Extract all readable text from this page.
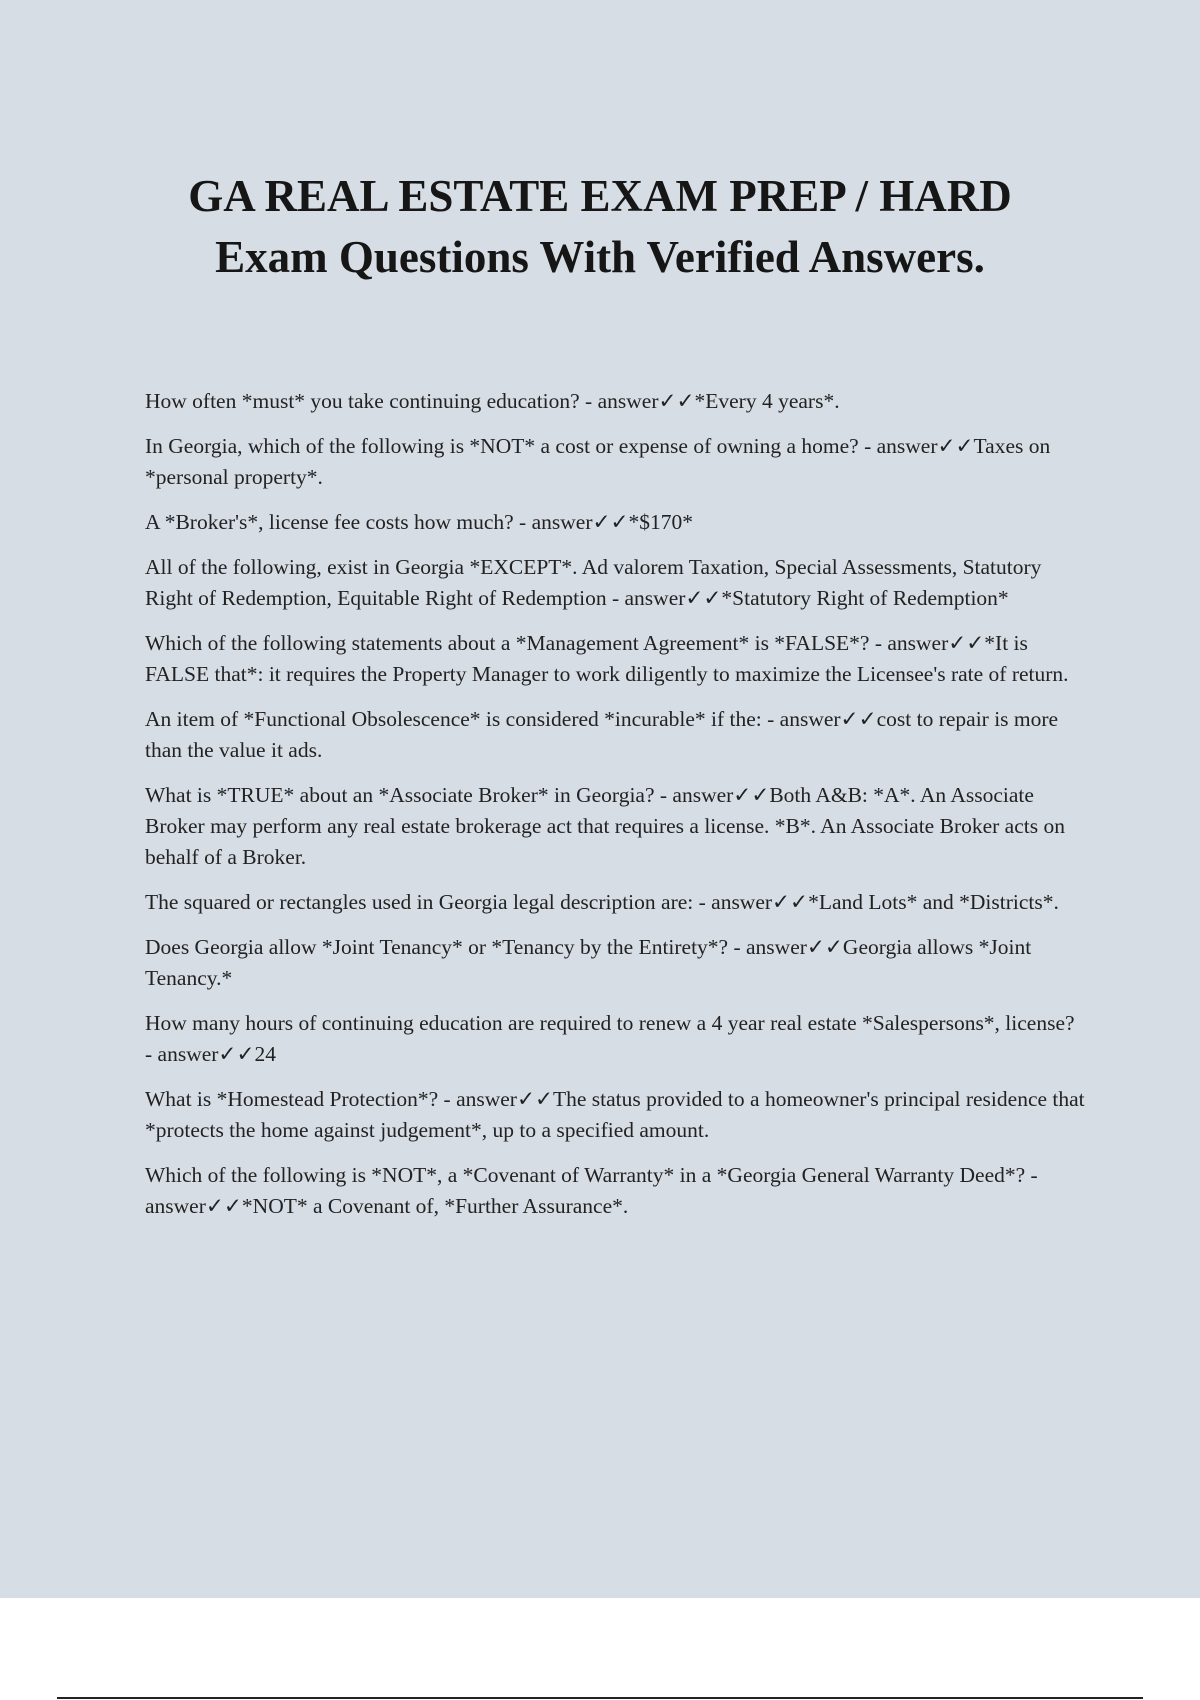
GA REAL ESTATE EXAM PREP / HARD
Exam Questions With Verified Answers.

How often *must* you take continuing education? - answer✓✓*Every 4 years*.

In Georgia, which of the following is *NOT* a cost or expense of owning a home? - answer✓✓Taxes on *personal property*.

A *Broker's*, license fee costs how much? - answer✓✓*$170*

All of the following, exist in Georgia *EXCEPT*. Ad valorem Taxation, Special Assessments, Statutory Right of Redemption, Equitable Right of Redemption - answer✓✓*Statutory Right of Redemption*

Which of the following statements about a *Management Agreement* is *FALSE*? - answer✓✓*It is FALSE that*: it requires the Property Manager to work diligently to maximize the Licensee's rate of return.

An item of *Functional Obsolescence* is considered *incurable* if the: - answer✓✓cost to repair is more than the value it ads.

What is *TRUE* about an *Associate Broker* in Georgia? - answer✓✓Both A&B: *A*. An Associate Broker may perform any real estate brokerage act that requires a license. *B*. An Associate Broker acts on behalf of a Broker.

The squared or rectangles used in Georgia legal description are: - answer✓✓*Land Lots* and *Districts*.

Does Georgia allow *Joint Tenancy* or *Tenancy by the Entirety*? - answer✓✓Georgia allows *Joint Tenancy.*

How many hours of continuing education are required to renew a 4 year real estate *Salespersons*, license? - answer✓✓24

What is *Homestead Protection*? - answer✓✓The status provided to a homeowner's principal residence that *protects the home against judgement*, up to a specified amount.

Which of the following is *NOT*, a *Covenant of Warranty* in a *Georgia General Warranty Deed*? - answer✓✓*NOT* a Covenant of, *Further Assurance*.
